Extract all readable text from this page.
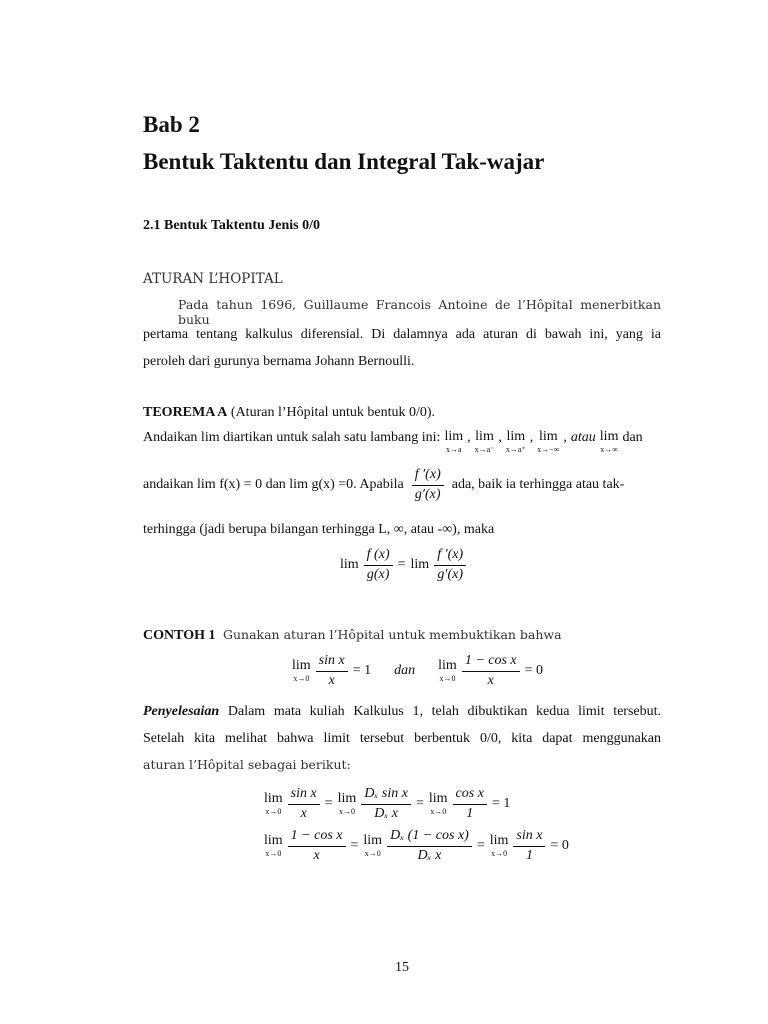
Bab 2
Bentuk Taktentu dan Integral Tak-wajar
2.1 Bentuk Taktentu Jenis 0/0
ATURAN L’HOPITAL
Pada tahun 1696, Guillaume Francois Antoine de l’Hôpital menerbitkan buku
pertama tentang kalkulus diferensial. Di dalamnya ada aturan di bawah ini, yang ia
peroleh dari gurunya bernama Johann Bernoulli.
TEOREMA A (Aturan l’Hôpital untuk bentuk 0/0).
Andaikan lim diartikan untuk salah satu lambang ini: lim
x→a
, lim
x→a⁻
, lim
x→a⁺
, lim
x→−∞
, atau lim
x→∞
dan
andaikan lim f(x) = 0 dan lim g(x) =0. Apabila $\frac{f '(x)}{g'(x)}$ ada, baik ia terhingga atau tak-
terhingga (jadi berupa bilangan terhingga L, ∞, atau -∞), maka
$\lim \frac{f (x)}{g(x)} = \lim \frac{f '(x)}{g'(x)}$
CONTOH 1 Gunakan aturan l’Hôpital untuk membuktikan bahwa
lim
$x\to 0 \frac{\text{sin x}}{x} = 1$ dan lim
$x\to 0 \frac{\text{1 − cos x}}{x} = 0$
Penyelesaian Dalam mata kuliah Kalkulus 1, telah dibuktikan kedua limit tersebut.
Setelah kita melihat bahwa limit tersebut berbentuk 0/0, kita dapat menggunakan
aturan l’Hôpital sebagai berikut:
lim
$x\to 0 \frac{\text{sin x}}{x} = \lim$
$x\to 0 \frac{\text{Dₓ sin x}}{\text{Dₓ x}} = \lim$
$x\to 0 \frac{\text{cos x}}{1} = 1$
lim
$x\to 0 \frac{\text{1 − cos x}}{x} = \lim$
$x\to 0 \frac{\text{Dₓ (1 − cos x)}}{\text{Dₓ x}} = \lim$
$x\to 0 \frac{\text{sin x}}{1} = 0$
15
